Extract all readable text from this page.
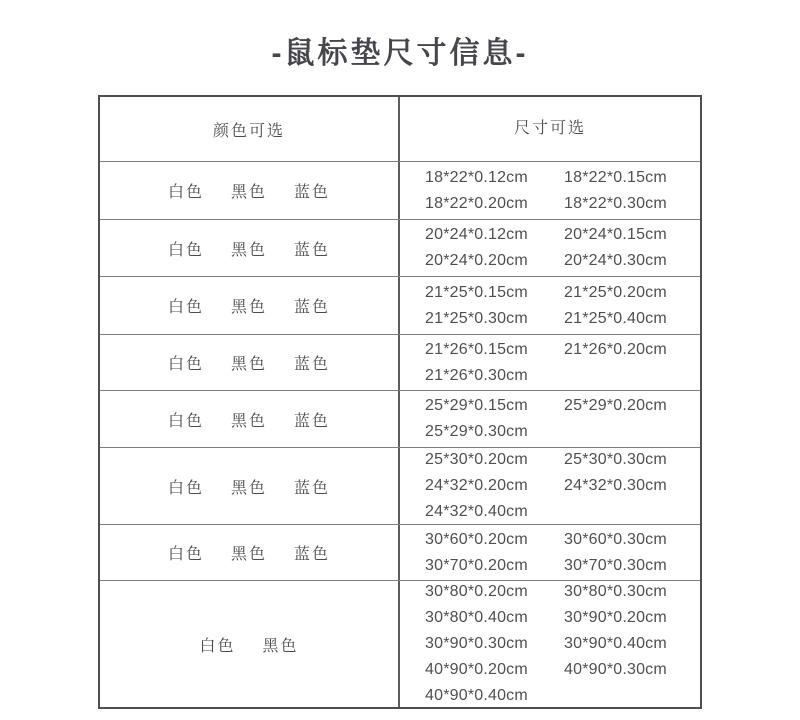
-鼠标垫尺寸信息-
颜色可选	尺寸可选
白色 黑色 蓝色
18*22*0.12cm	18*22*0.15cm
18*22*0.20cm	18*22*0.30cm
白色 黑色 蓝色
20*24*0.12cm	20*24*0.15cm
20*24*0.20cm	20*24*0.30cm
白色 黑色 蓝色
21*25*0.15cm	21*25*0.20cm
21*25*0.30cm	21*25*0.40cm
白色 黑色 蓝色
21*26*0.15cm	21*26*0.20cm
21*26*0.30cm
白色 黑色 蓝色
25*29*0.15cm	25*29*0.20cm
25*29*0.30cm
白色 黑色 蓝色
25*30*0.20cm	25*30*0.30cm
24*32*0.20cm	24*32*0.30cm
24*32*0.40cm
白色 黑色 蓝色
30*60*0.20cm	30*60*0.30cm
30*70*0.20cm	30*70*0.30cm
白色 黑色
30*80*0.20cm	30*80*0.30cm
30*80*0.40cm	30*90*0.20cm
30*90*0.30cm	30*90*0.40cm
40*90*0.20cm	40*90*0.30cm
40*90*0.40cm
